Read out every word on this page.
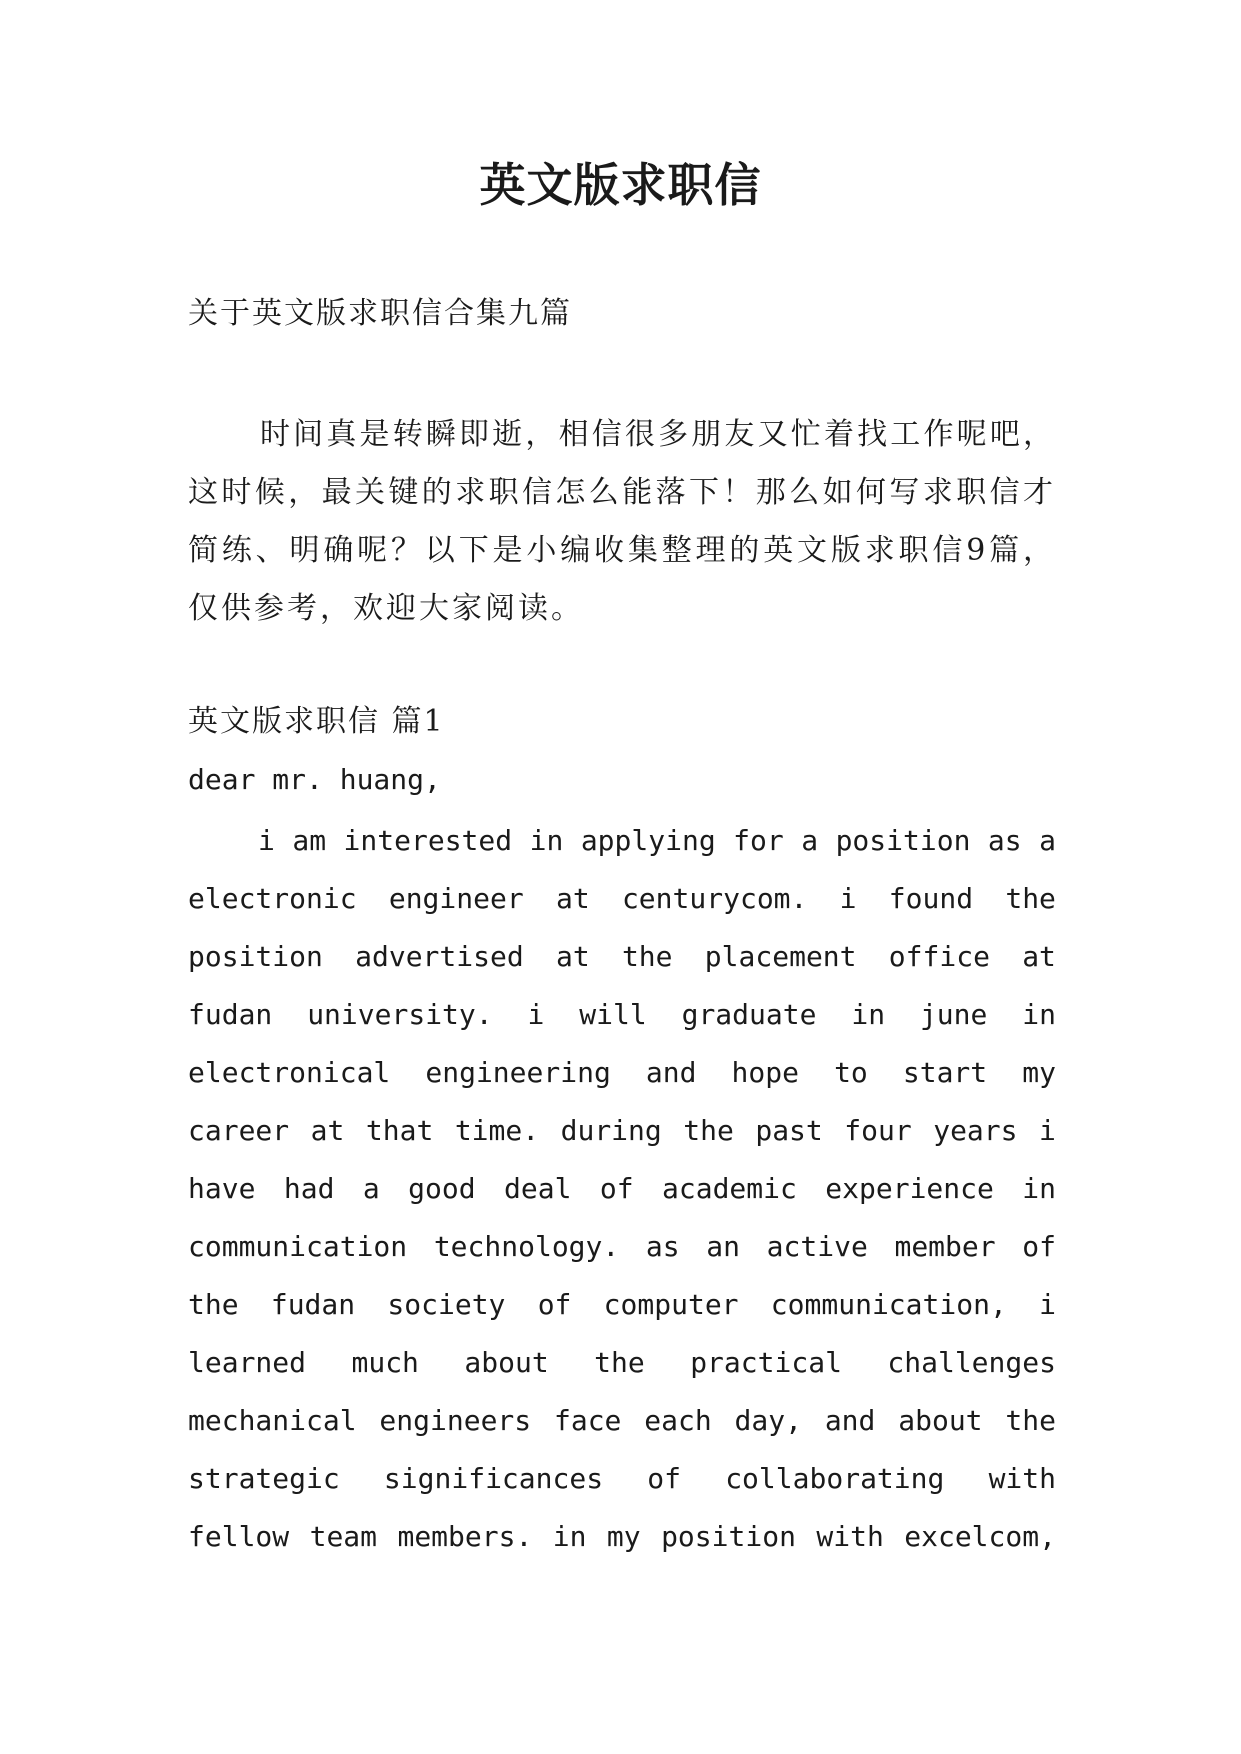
英文版求职信

关于英文版求职信合集九篇

时间真是转瞬即逝，相信很多朋友又忙着找工作呢吧，这时候，最关键的求职信怎么能落下！那么如何写求职信才简练、明确呢？以下是小编收集整理的英文版求职信9篇，仅供参考，欢迎大家阅读。

英文版求职信 篇1

dear mr. huang,

i am interested in applying for a position as a
electronic engineer at centurycom. i found the
position advertised at the placement office at
fudan university. i will graduate in june in
electronical engineering and hope to start my
career at that time. during the past four years i
have had a good deal of academic experience in
communication technology. as an active member of
the fudan society of computer communication, i
learned much about the practical challenges
mechanical engineers face each day, and about the
strategic significances of collaborating with
fellow team members. in my position with excelcom,
